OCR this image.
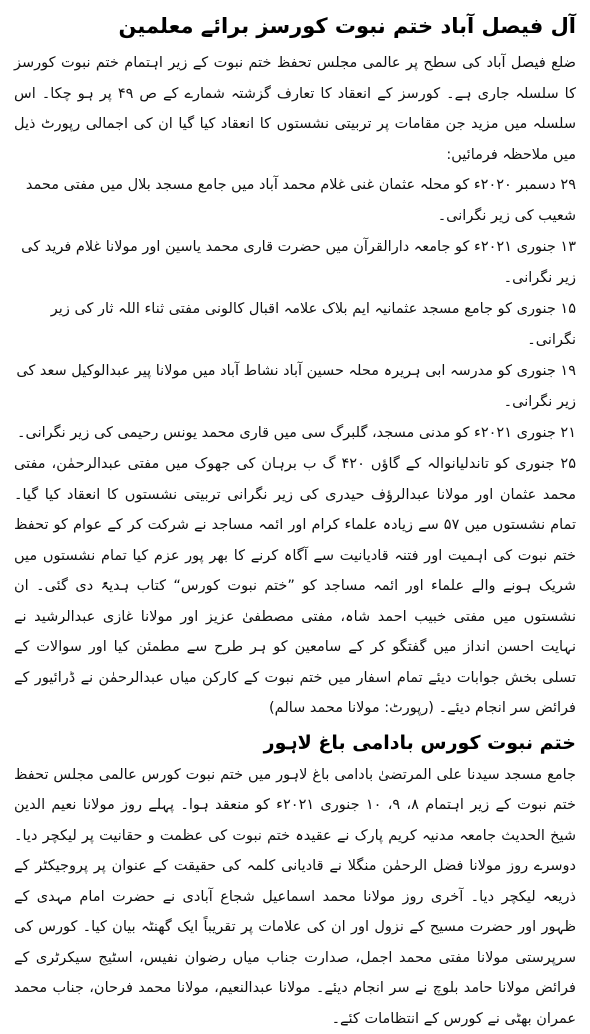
آل فیصل آباد ختم نبوت کورسز برائے معلمین

ضلع فیصل آباد کی سطح پر عالمی مجلس تحفظ ختم نبوت کے زیر اہتمام ختم نبوت کورسز کا سلسلہ جاری ہے۔ کورسز کے انعقاد کا تعارف گزشتہ شمارے کے ص ۴۹ پر ہو چکا۔ اس سلسلہ میں مزید جن مقامات پر تربیتی نشستوں کا انعقاد کیا گیا ان کی اجمالی رپورٹ ذیل میں ملاحظہ فرمائیں:

۲۹ دسمبر ۲۰۲۰ء کو محلہ عثمان غنی غلام محمد آباد میں جامع مسجد بلال میں مفتی محمد شعیب کی زیر نگرانی۔

۱۳ جنوری ۲۰۲۱ء کو جامعہ دارالقرآن میں حضرت قاری محمد یاسین اور مولانا غلام فرید کی زیر نگرانی۔

۱۵ جنوری کو جامع مسجد عثمانیہ ایم بلاک علامہ اقبال کالونی مفتی ثناء اللہ ثار کی زیر نگرانی۔

۱۹ جنوری کو مدرسہ ابی ہریرہ محلہ حسین آباد نشاط آباد میں مولانا پیر عبدالوکیل سعد کی زیر نگرانی۔

۲۱ جنوری ۲۰۲۱ء کو مدنی مسجد، گلبرگ سی میں قاری محمد یونس رحیمی کی زیر نگرانی۔

۲۵ جنوری کو تاندلیانوالہ کے گاؤں ۴۲۰ گ ب برہان کی جھوک میں مفتی عبدالرحمٰن، مفتی محمد عثمان اور مولانا عبدالرؤف حیدری کی زیر نگرانی تربیتی نشستوں کا انعقاد کیا گیا۔ تمام نشستوں میں ۵۷ سے زیادہ علماء کرام اور ائمہ مساجد نے شرکت کر کے عوام کو تحفظ ختم نبوت کی اہمیت اور فتنہ قادیانیت سے آگاہ کرنے کا بھر پور عزم کیا تمام نشستوں میں شریک ہونے والے علماء اور ائمہ مساجد کو ”ختم نبوت کورس“ کتاب ہدیۃً دی گئی۔ ان نشستوں میں مفتی خبیب احمد شاہ، مفتی مصطفیٰ عزیز اور مولانا غازی عبدالرشید نے نہایت احسن انداز میں گفتگو کر کے سامعین کو ہر طرح سے مطمئن کیا اور سوالات کے تسلی بخش جوابات دیئے تمام اسفار میں ختم نبوت کے کارکن میاں عبدالرحمٰن نے ڈرائیور کے فرائض سر انجام دیئے۔ (رپورٹ: مولانا محمد سالم)

ختم نبوت کورس بادامی باغ لاہور

جامع مسجد سیدنا علی المرتضیٰ بادامی باغ لاہور میں ختم نبوت کورس عالمی مجلس تحفظ ختم نبوت کے زیر اہتمام ۸، ۹، ۱۰ جنوری ۲۰۲۱ء کو منعقد ہوا۔ پہلے روز مولانا نعیم الدین شیخ الحدیث جامعہ مدنیہ کریم پارک نے عقیدہ ختم نبوت کی عظمت و حقانیت پر لیکچر دیا۔ دوسرے روز مولانا فضل الرحمٰن منگلا نے قادیانی کلمہ کی حقیقت کے عنوان پر پروجیکٹر کے ذریعہ لیکچر دیا۔ آخری روز مولانا محمد اسماعیل شجاع آبادی نے حضرت امام مہدی کے ظہور اور حضرت مسیح کے نزول اور ان کی علامات پر تقریباً ایک گھنٹہ بیان کیا۔ کورس کی سرپرستی مولانا مفتی محمد اجمل، صدارت جناب میاں رضوان نفیس، اسٹیج سیکرٹری کے فرائض مولانا حامد بلوچ نے سر انجام دیئے۔ مولانا عبدالنعیم، مولانا محمد فرحان، جناب محمد عمران بھٹی نے کورس کے انتظامات کئے۔
